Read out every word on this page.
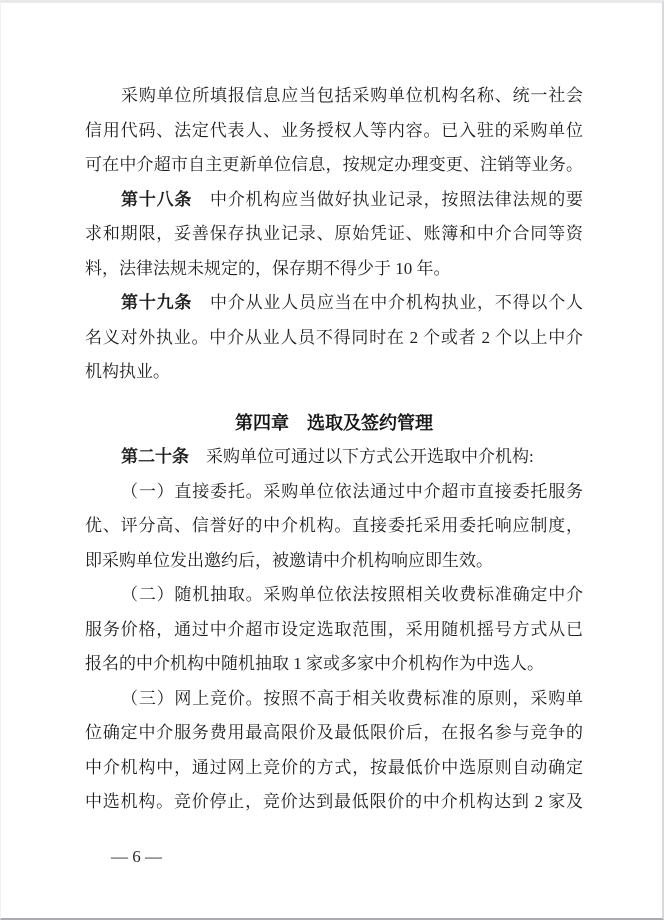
采购单位所填报信息应当包括采购单位机构名称、统一社会
信用代码、法定代表人、业务授权人等内容。已入驻的采购单位
可在中介超市自主更新单位信息，按规定办理变更、注销等业务。
第十八条　中介机构应当做好执业记录，按照法律法规的要
求和期限，妥善保存执业记录、原始凭证、账簿和中介合同等资
料，法律法规未规定的，保存期不得少于 10 年。
第十九条　中介从业人员应当在中介机构执业，不得以个人
名义对外执业。中介从业人员不得同时在 2 个或者 2 个以上中介
机构执业。
第四章　选取及签约管理
第二十条　采购单位可通过以下方式公开选取中介机构:
（一）直接委托。采购单位依法通过中介超市直接委托服务
优、评分高、信誉好的中介机构。直接委托采用委托响应制度，
即采购单位发出邀约后，被邀请中介机构响应即生效。
（二）随机抽取。采购单位依法按照相关收费标准确定中介
服务价格，通过中介超市设定选取范围，采用随机摇号方式从已
报名的中介机构中随机抽取 1 家或多家中介机构作为中选人。
（三）网上竞价。按照不高于相关收费标准的原则，采购单
位确定中介服务费用最高限价及最低限价后，在报名参与竞争的
中介机构中，通过网上竞价的方式，按最低价中选原则自动确定
中选机构。竞价停止，竞价达到最低限价的中介机构达到 2 家及
— 6 —
